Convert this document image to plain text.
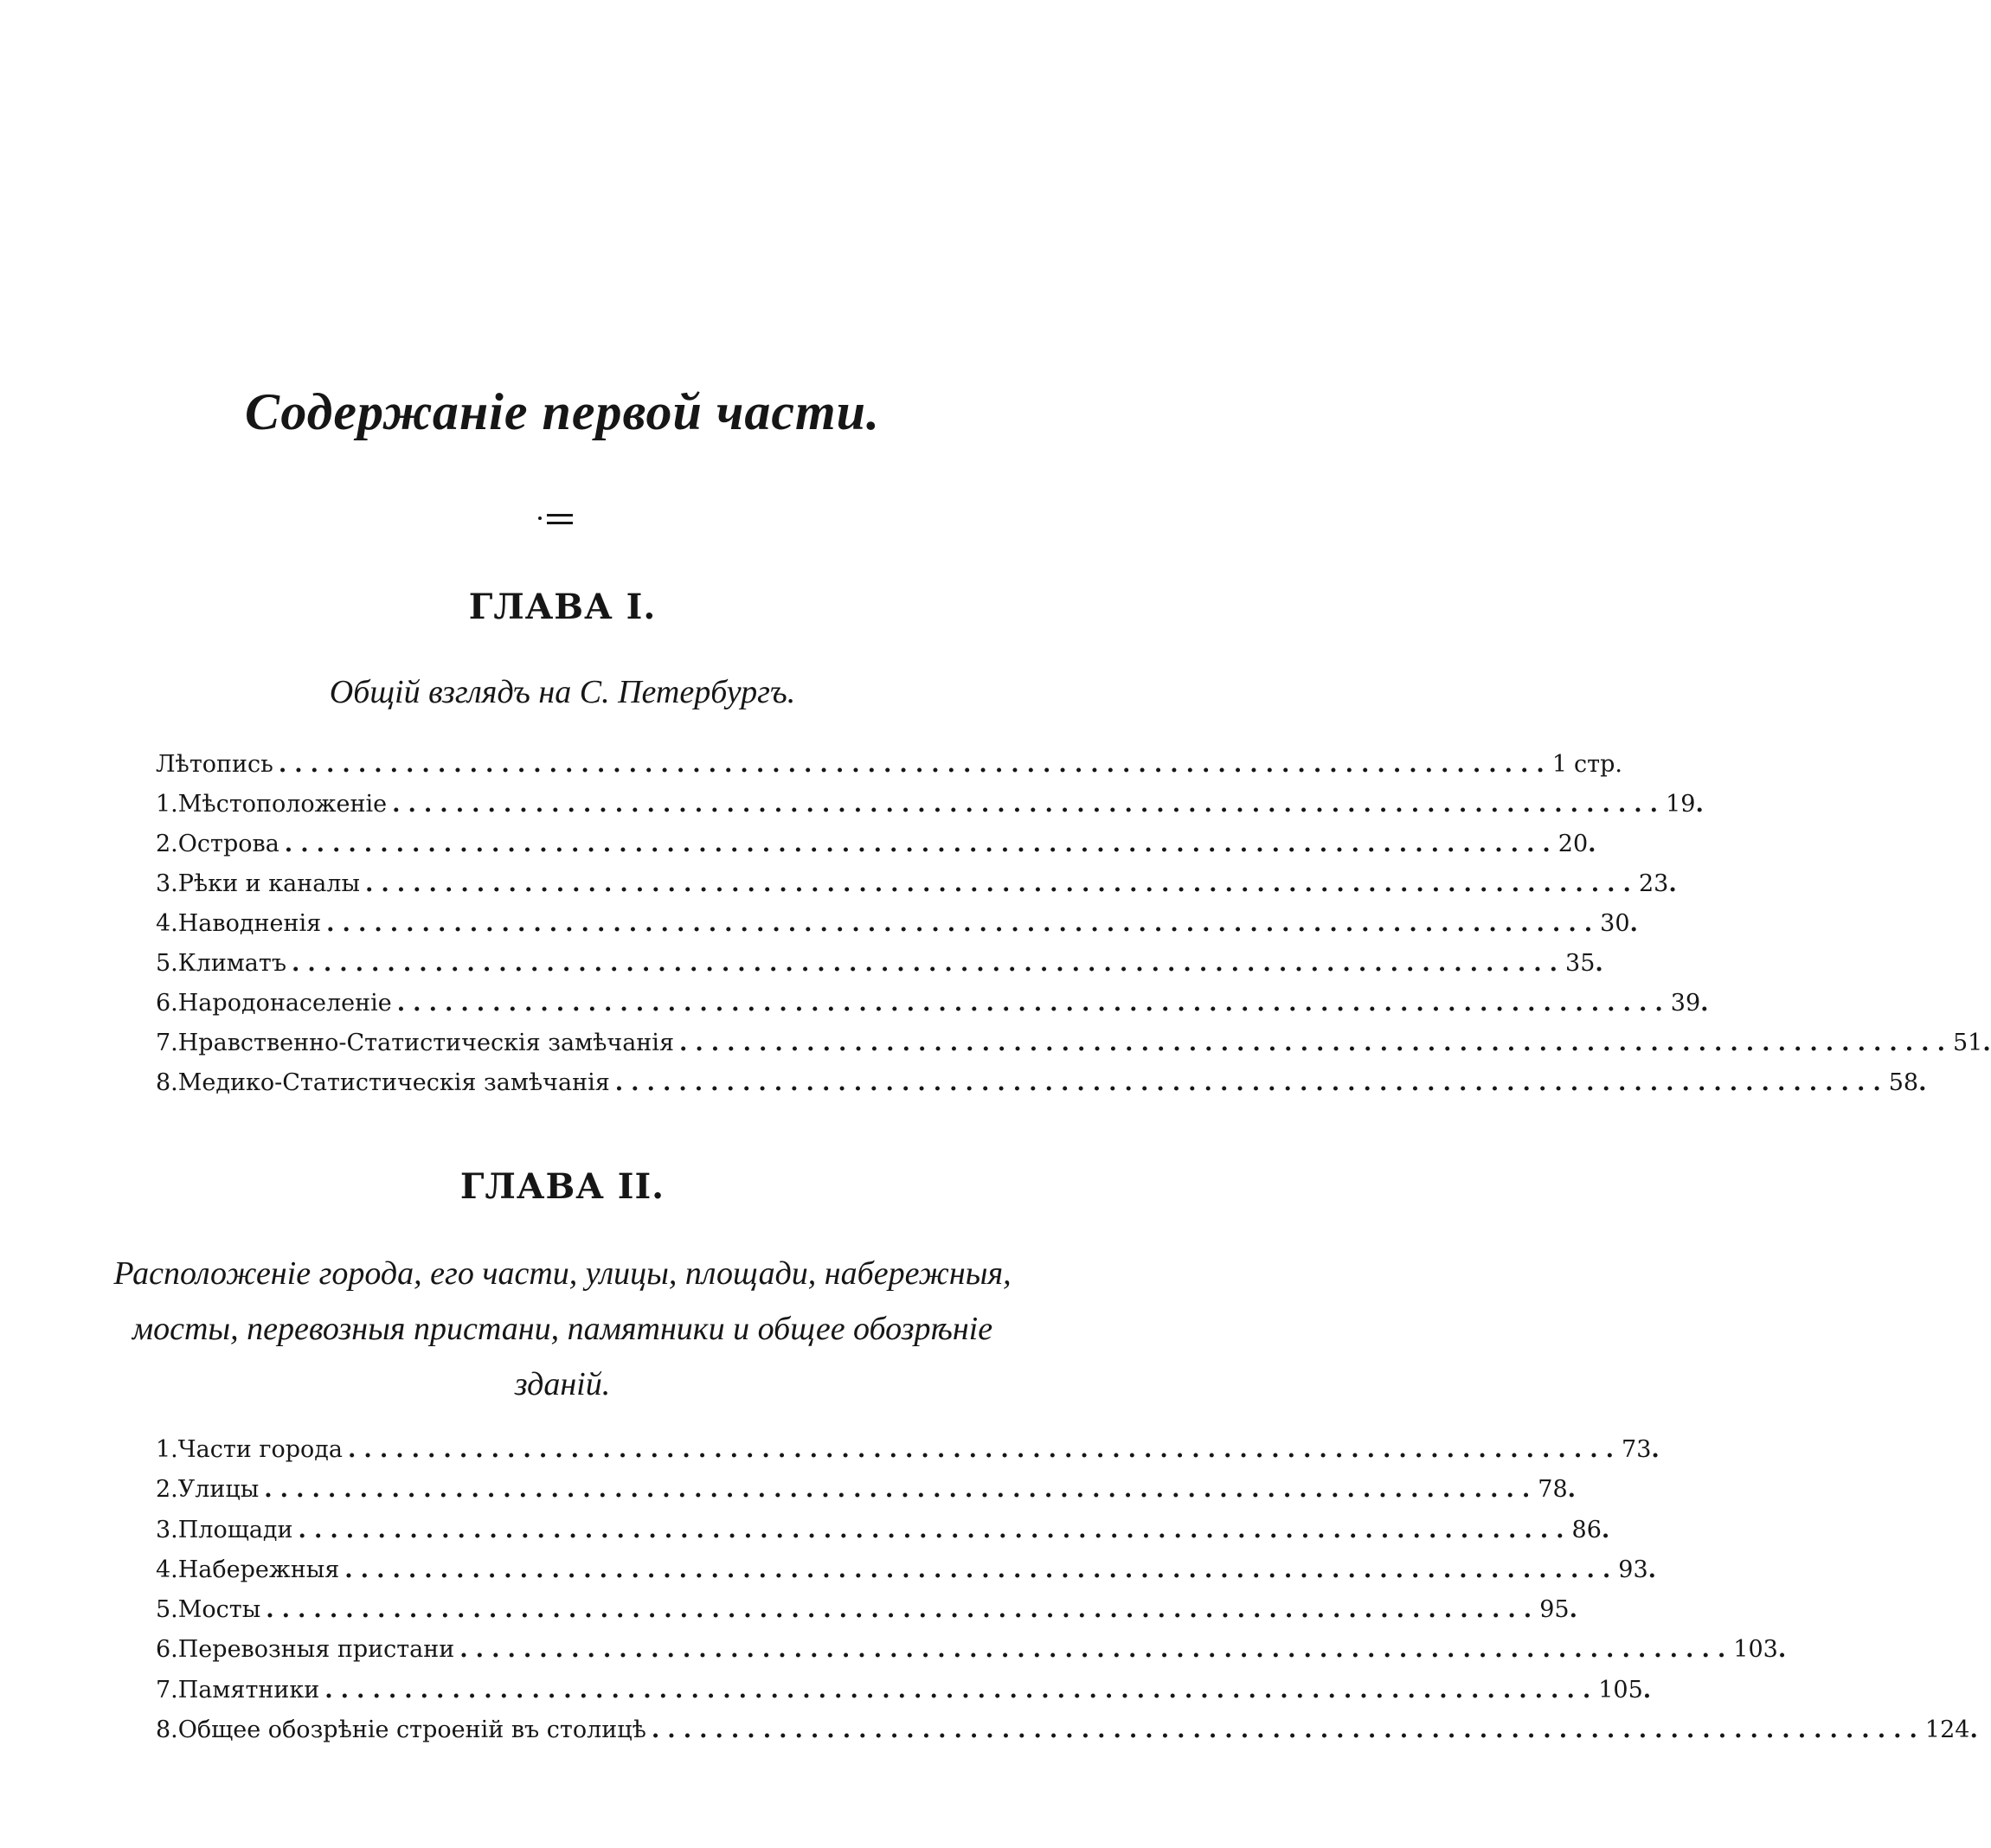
Содержаніе первой части.
ГЛАВА I.
Общій взглядъ на С. Петербургъ.
Лѣтопись ................................................................................ 1 стр.
1. Мѣстоположеніе ................................................................................ 19 .
2. Острова ................................................................................ 20 .
3. Рѣки и каналы ................................................................................ 23 .
4. Наводненія ................................................................................ 30 .
5. Климатъ ................................................................................ 35 .
6. Народонаселеніе ................................................................................ 39 .
7. Нравственно-Статистическія замѣчанія ................................................................................ 51 .
8. Медико-Статистическія замѣчанія ................................................................................ 58 .
ГЛАВА II.
Расположеніе города, его части, улицы, площади, набережныя, мосты, перевозныя пристани, памятники и общее обозрѣніе зданій.
1. Части города ................................................................................ 73 .
2. Улицы ................................................................................ 78 .
3. Площади ................................................................................ 86 .
4. Набережныя ................................................................................ 93 .
5. Мосты ................................................................................ 95 .
6. Перевозныя пристани ................................................................................ 103 .
7. Памятники ................................................................................ 105 .
8. Общее обозрѣніе строеній въ столицѣ ................................................................................ 124 .
